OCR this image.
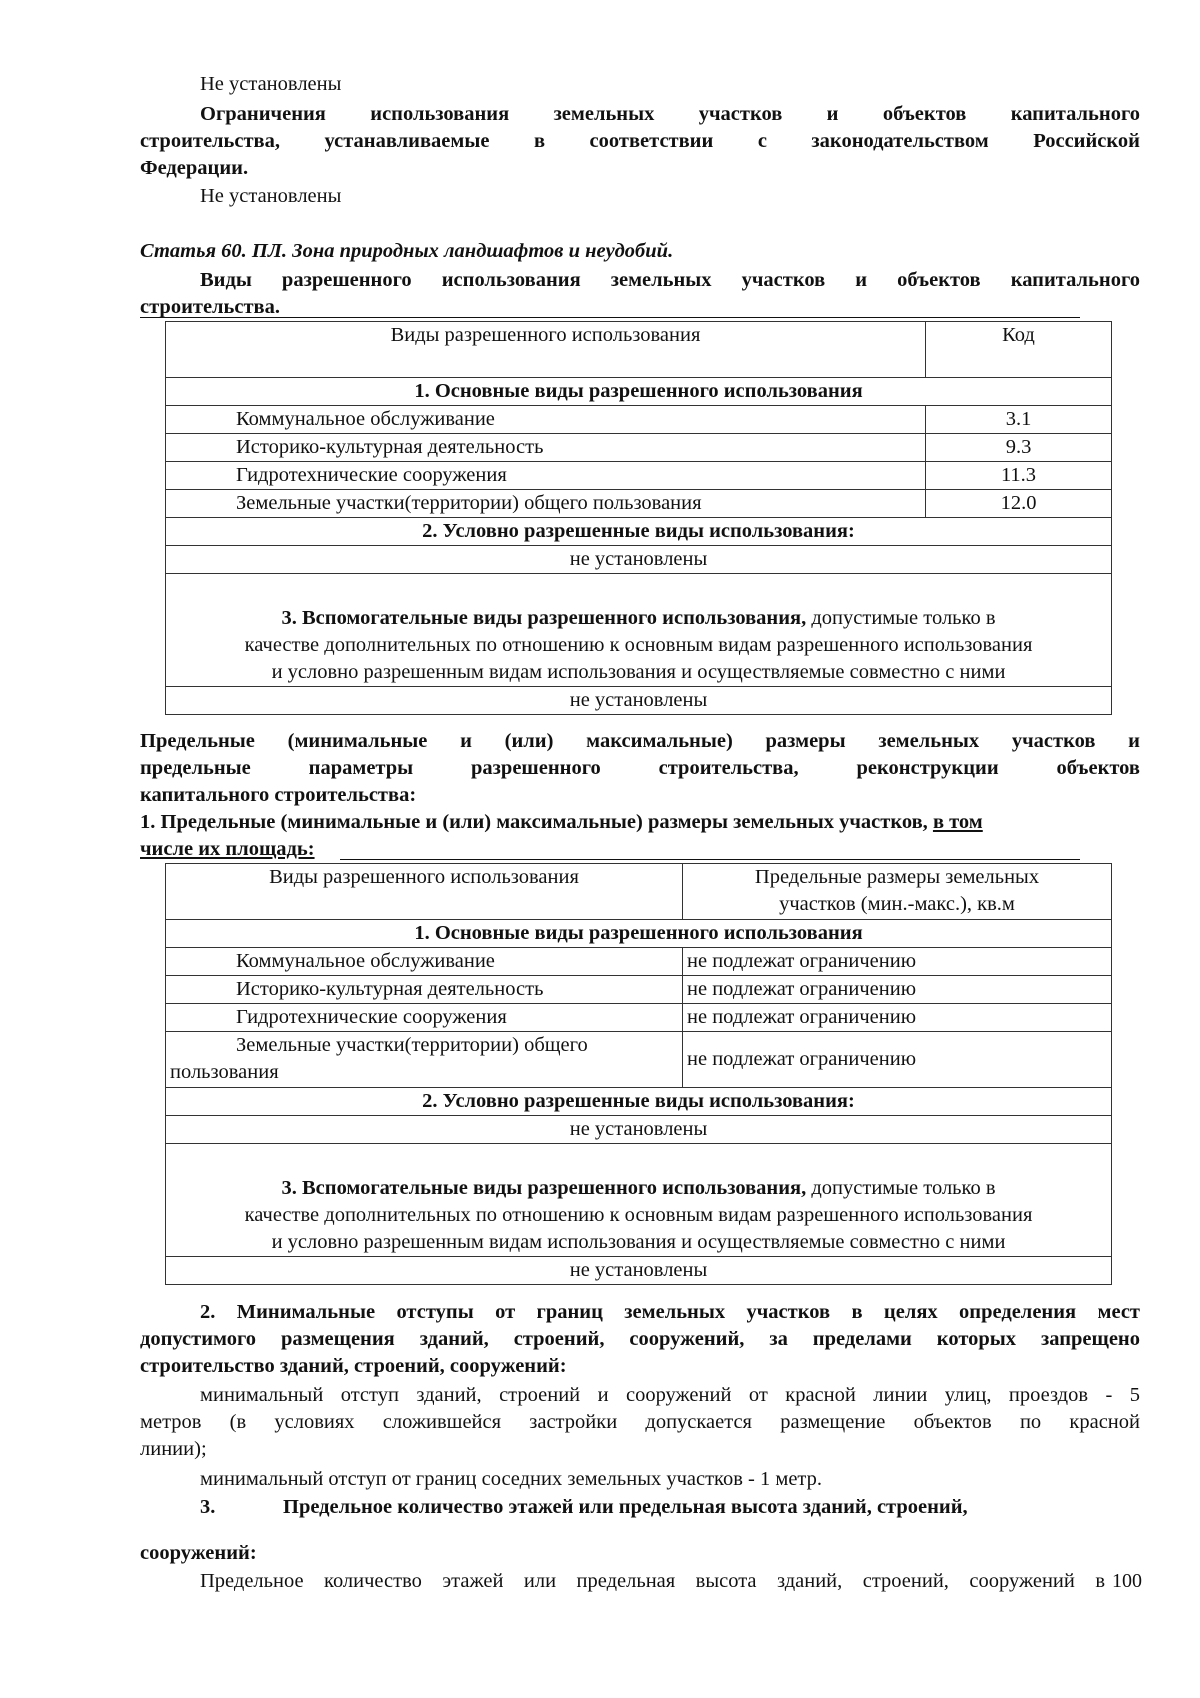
Не установлены
Ограничения использования земельных участков и объектов капитального
строительства, устанавливаемые в соответствии с законодательством Российской
Федерации.
Не установлены
Статья 60. ПЛ. Зона природных ландшафтов и неудобий.
Виды разрешенного использования земельных участков и объектов капитального
строительства.
Виды разрешенного использования	Код
1. Основные виды разрешенного использования	
Коммунальное обслуживание	3.1
Историко-культурная деятельность	9.3
Гидротехнические сооружения	11.3
Земельные участки(территории) общего пользования	12.0
2. Условно разрешенные виды использования:	
не установлены	
3. Вспомогательные виды разрешенного использования, допустимые только в
качестве дополнительных по отношению к основным видам разрешенного использования
и условно разрешенным видам использования и осуществляемые совместно с ними	
не установлены	
Предельные (минимальные и (или) максимальные) размеры земельных участков и
предельные параметры разрешенного строительства, реконструкции объектов
капитального строительства:
1. Предельные (минимальные и (или) максимальные) размеры земельных участков, в том
числе их площадь:
Виды разрешенного использования	Предельные размеры земельных
участков (мин.-макс.), кв.м
1. Основные виды разрешенного использования	
Коммунальное обслуживание	не подлежат ограничению
Историко-культурная деятельность	не подлежат ограничению
Гидротехнические сооружения	не подлежат ограничению
Земельные участки(территории) общего
пользования	не подлежат ограничению
2. Условно разрешенные виды использования:	
не установлены	
3. Вспомогательные виды разрешенного использования, допустимые только в
качестве дополнительных по отношению к основным видам разрешенного использования
и условно разрешенным видам использования и осуществляемые совместно с ними	
не установлены	
2. Минимальные отступы от границ земельных участков в целях определения мест
допустимого размещения зданий, строений, сооружений, за пределами которых запрещено
строительство зданий, строений, сооружений:
минимальный отступ зданий, строений и сооружений от красной линии улиц, проездов - 5
метров (в условиях сложившейся застройки допускается размещение объектов по красной
линии);
минимальный отступ от границ соседних земельных участков - 1 метр.
3.	Предельное количество этажей или предельная высота зданий, строений,
сооружений:
Предельное количество этажей или предельная высота зданий, строений, сооружений в 100
